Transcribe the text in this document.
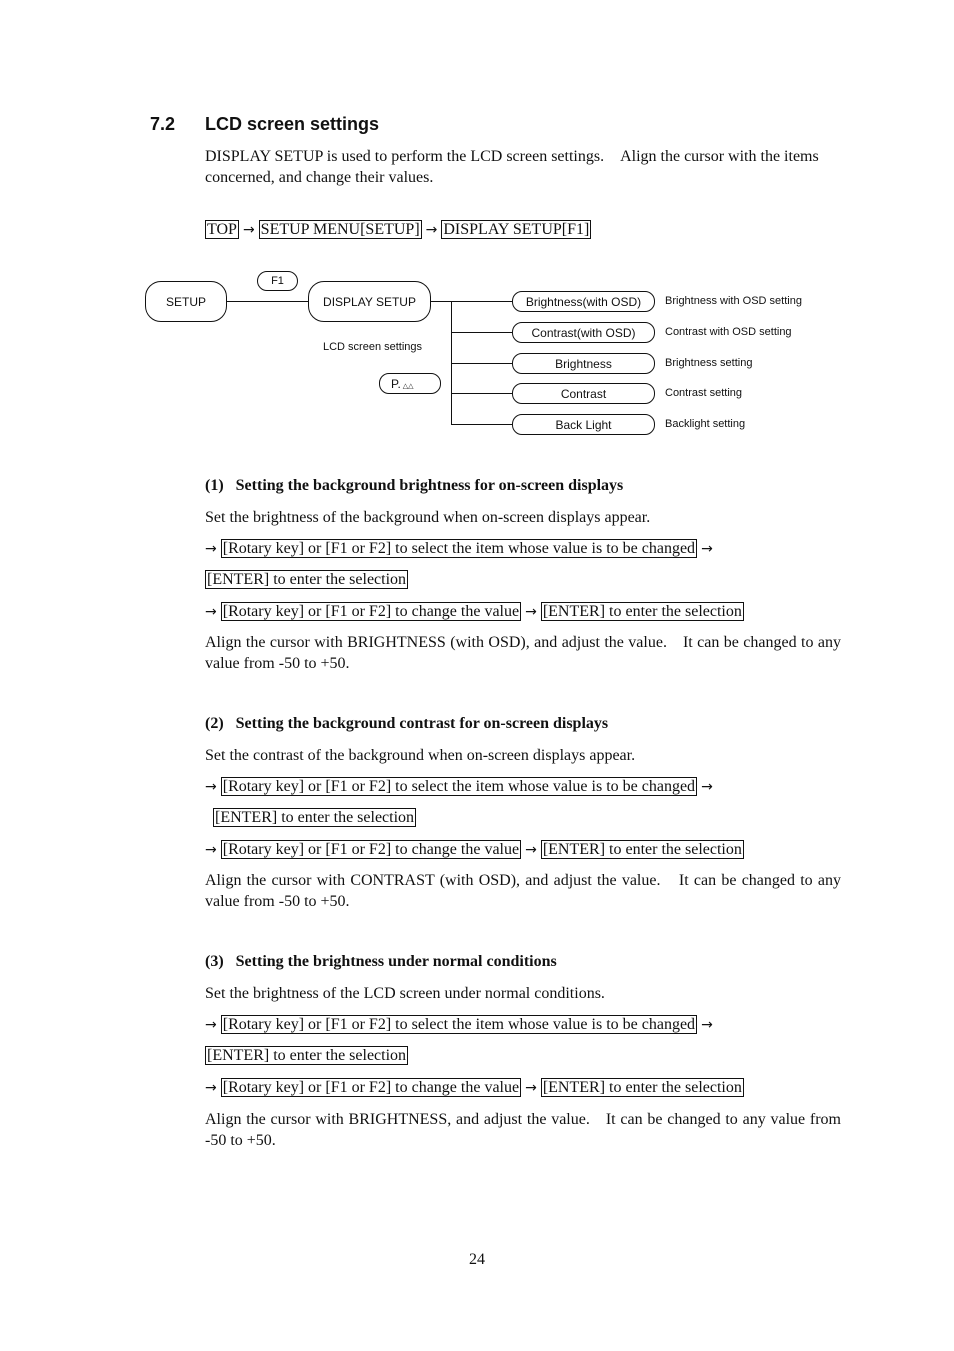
7.2 LCD screen settings
DISPLAY SETUP is used to perform the LCD screen settings.　Align the cursor with the items concerned, and change their values.
TOP → SETUP MENU[SETUP] → DISPLAY SETUP[F1]
SETUP
F1
DISPLAY SETUP
LCD screen settings
P. △△
Brightness(with OSD)
Contrast(with OSD)
Brightness
Contrast
Back Light
Brightness with OSD setting
Contrast with OSD setting
Brightness setting
Contrast setting
Backlight setting
(1) Setting the background brightness for on-screen displays
Set the brightness of the background when on-screen displays appear.
→ [Rotary key] or [F1 or F2] to select the item whose value is to be changed →
[ENTER] to enter the selection
→ [Rotary key] or [F1 or F2] to change the value → [ENTER] to enter the selection
Align the cursor with BRIGHTNESS (with OSD), and adjust the value. It can be changed to any value from -50 to +50.
(2) Setting the background contrast for on-screen displays
Set the contrast of the background when on-screen displays appear.
→ [Rotary key] or [F1 or F2] to select the item whose value is to be changed →
[ENTER] to enter the selection
→ [Rotary key] or [F1 or F2] to change the value → [ENTER] to enter the selection
Align the cursor with CONTRAST (with OSD), and adjust the value.　It can be changed to any value from -50 to +50.
(3) Setting the brightness under normal conditions
Set the brightness of the LCD screen under normal conditions.
→ [Rotary key] or [F1 or F2] to select the item whose value is to be changed →
[ENTER] to enter the selection
→ [Rotary key] or [F1 or F2] to change the value → [ENTER] to enter the selection
Align the cursor with BRIGHTNESS, and adjust the value. It can be changed to any value from -50 to +50.
24
